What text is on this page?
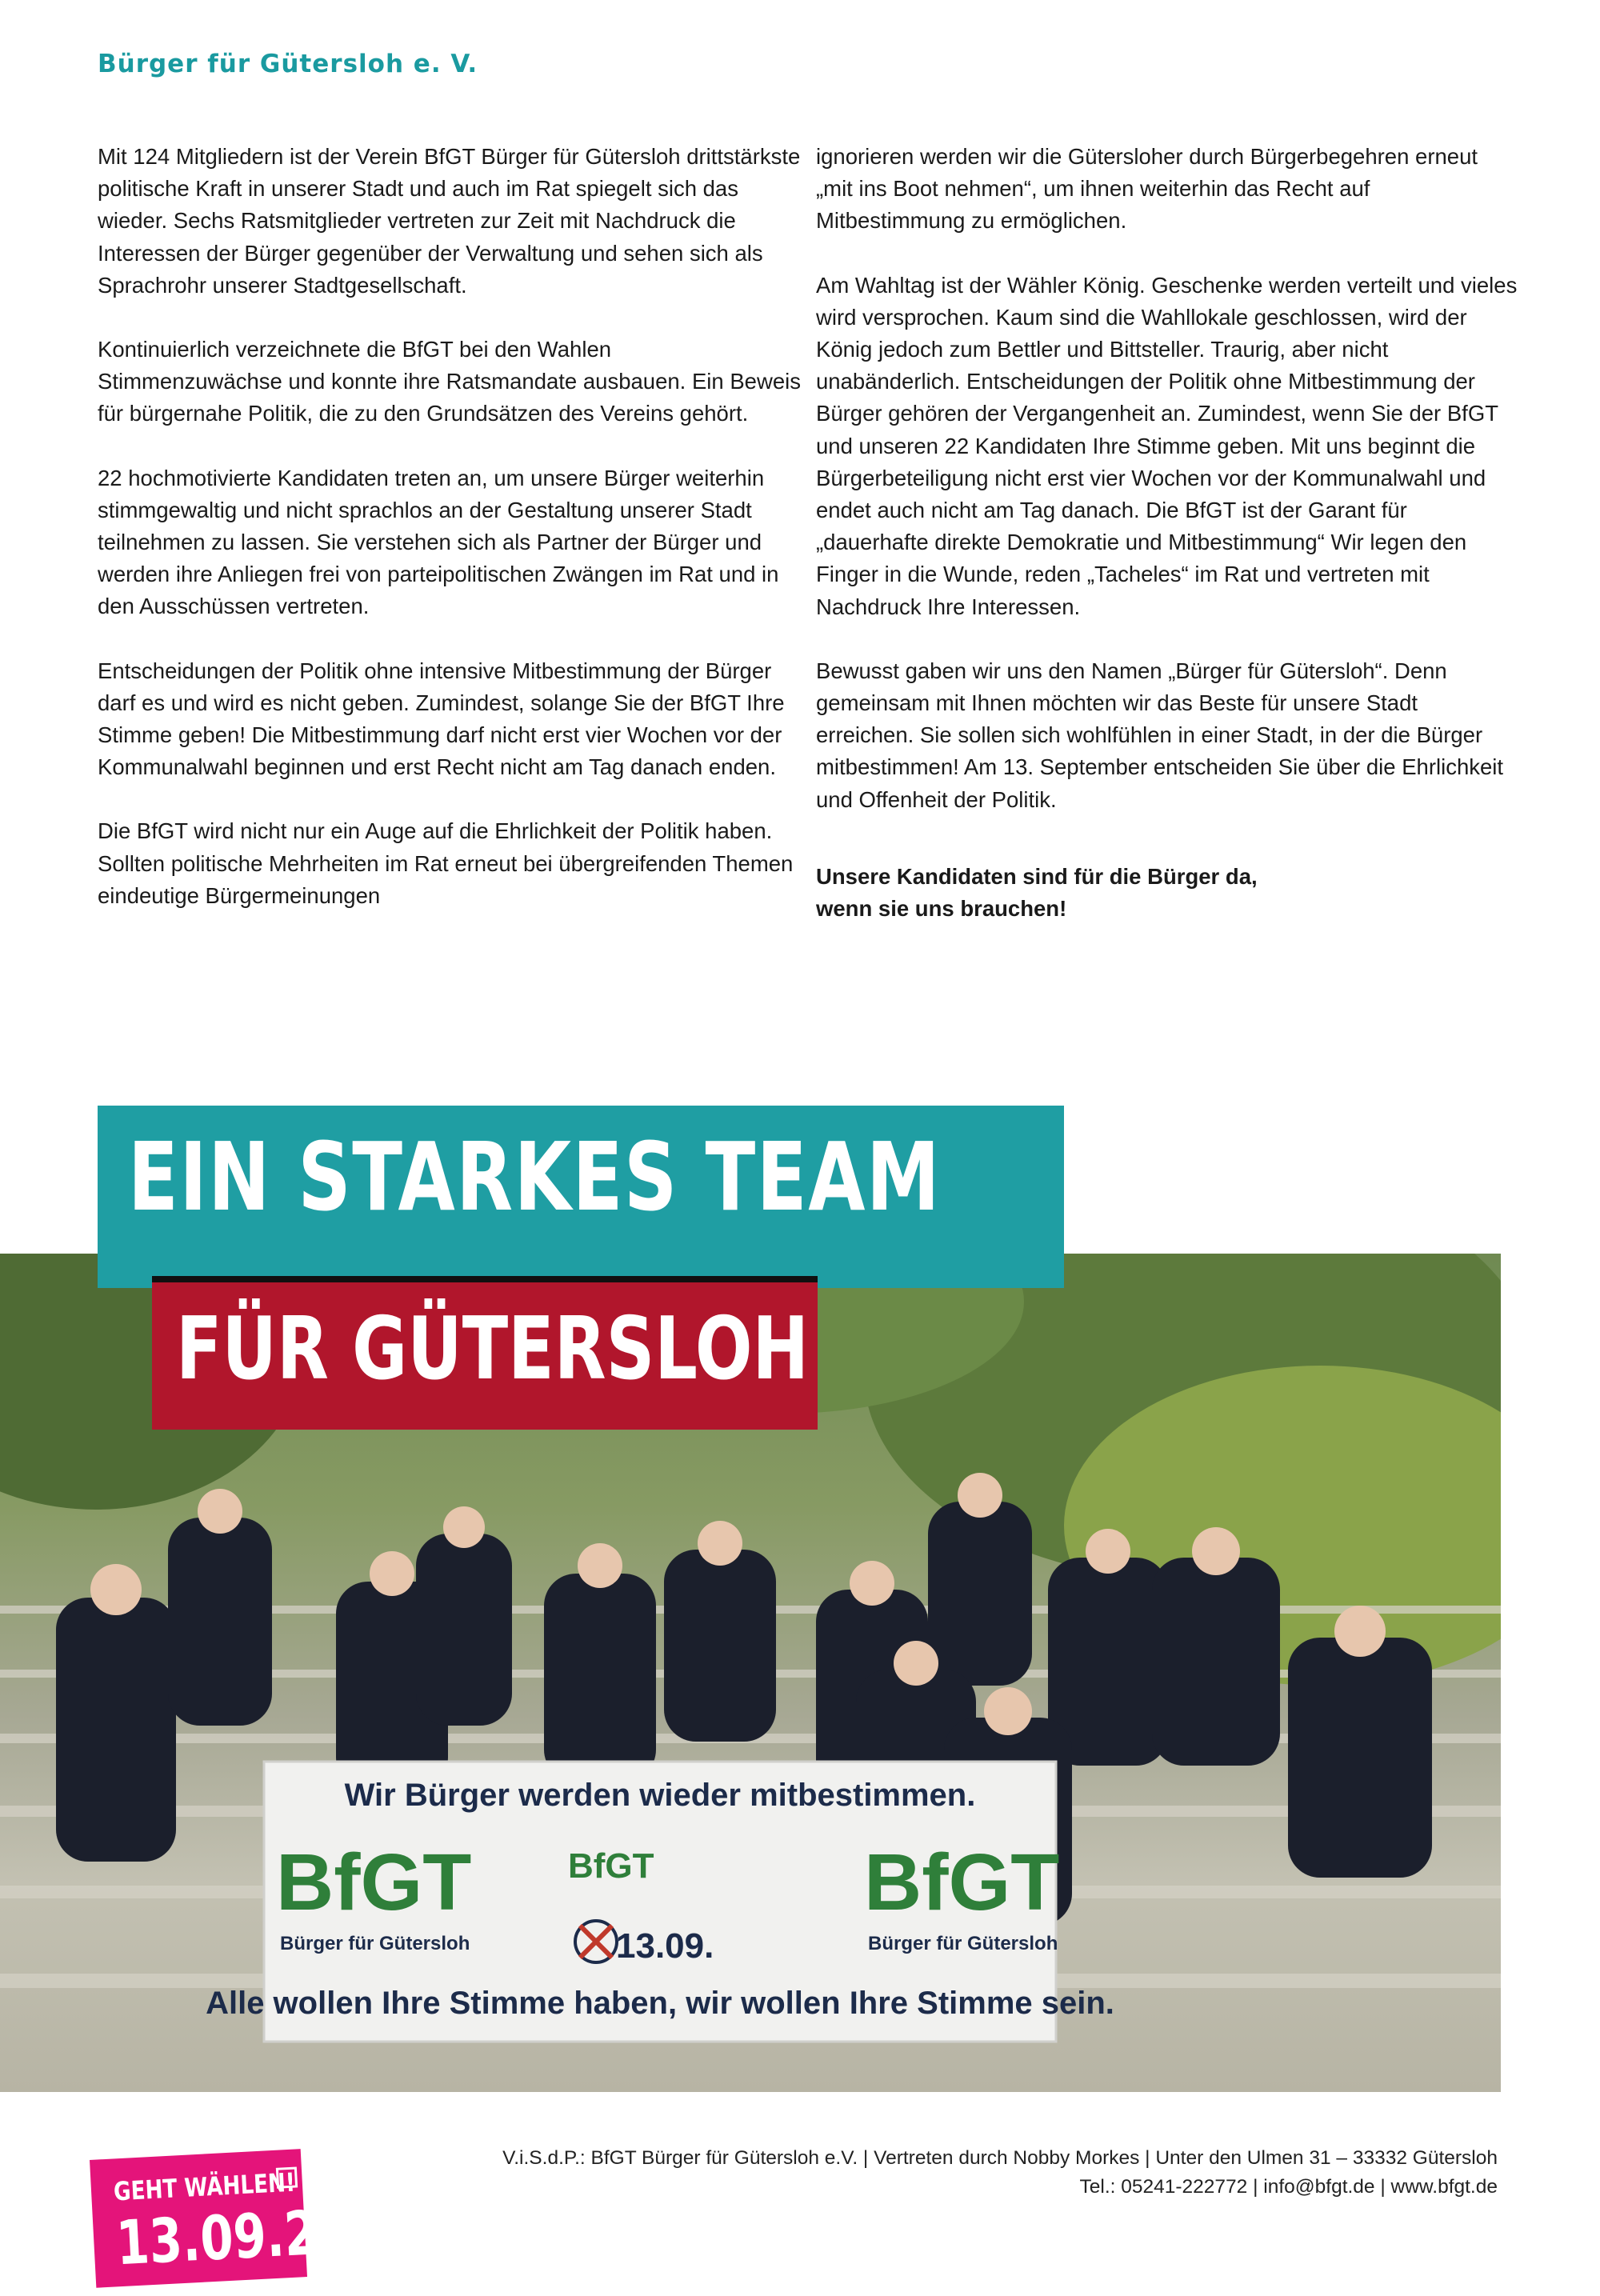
Bürger für Gütersloh e. V.

Mit 124 Mitgliedern ist der Verein BfGT Bürger für Gütersloh drittstärkste politische Kraft in unserer Stadt und auch im Rat spiegelt sich das wieder. Sechs Ratsmitglieder vertreten zur Zeit mit Nachdruck die Interessen der Bürger gegenüber der Verwaltung und sehen sich als Sprachrohr unserer Stadtgesellschaft.

Kontinuierlich verzeichnete die BfGT bei den Wahlen Stimmenzuwächse und konnte ihre Ratsmandate ausbauen. Ein Beweis für bürgernahe Politik, die zu den Grundsätzen des Vereins gehört.

22 hochmotivierte Kandidaten treten an, um unsere Bürger weiterhin stimmgewaltig und nicht sprachlos an der Gestaltung unserer Stadt teilnehmen zu lassen. Sie verstehen sich als Partner der Bürger und werden ihre Anliegen frei von parteipolitischen Zwängen im Rat und in den Ausschüssen vertreten.

Entscheidungen der Politik ohne intensive Mitbestimmung der Bürger darf es und wird es nicht geben. Zumindest, solange Sie der BfGT Ihre Stimme geben! Die Mitbestimmung darf nicht erst vier Wochen vor der Kommunalwahl beginnen und erst Recht nicht am Tag danach enden.

Die BfGT wird nicht nur ein Auge auf die Ehrlichkeit der Politik haben. Sollten politische Mehrheiten im Rat erneut bei übergreifenden Themen eindeutige Bürgermeinungen

ignorieren werden wir die Gütersloher durch Bürgerbegehren erneut „mit ins Boot nehmen“, um ihnen weiterhin das Recht auf Mitbestimmung zu ermöglichen.

Am Wahltag ist der Wähler König. Geschenke werden verteilt und vieles wird versprochen. Kaum sind die Wahllokale geschlossen, wird der König jedoch zum Bettler und Bittsteller. Traurig, aber nicht unabänderlich. Entscheidungen der Politik ohne Mitbestimmung der Bürger gehören der Vergangenheit an. Zumindest, wenn Sie der BfGT und unseren 22 Kandidaten Ihre Stimme geben. Mit uns beginnt die Bürgerbeteiligung nicht erst vier Wochen vor der Kommunalwahl und endet auch nicht am Tag danach. Die BfGT ist der Garant für „dauerhafte direkte Demokratie und Mitbestimmung“ Wir legen den Finger in die Wunde, reden „Tacheles“ im Rat und vertreten mit Nachdruck Ihre Interessen.

Bewusst gaben wir uns den Namen „Bürger für Gütersloh“. Denn gemeinsam mit Ihnen möchten wir das Beste für unsere Stadt erreichen. Sie sollen sich wohlfühlen in einer Stadt, in der die Bürger mitbestimmen! Am 13. September entscheiden Sie über die Ehrlichkeit und Offenheit der Politik.

Unsere Kandidaten sind für die Bürger da,

wenn sie uns brauchen!

Wir Bürger werden wieder mitbestimmen.
BfGT
Bürger für Gütersloh
BfGT
13.09.
BfGT
Bürger für Gütersloh
Alle wollen Ihre Stimme haben, wir wollen Ihre Stimme sein.
EIN STARKES TEAM
FÜR GÜTERSLOH
V.i.S.d.P.: BfGT Bürger für Gütersloh e.V. | Vertreten durch Nobby Morkes | Unter den Ulmen 31 – 33332 Gütersloh
Tel.: 05241-222772 | info@bfgt.de | www.bfgt.de
GEHT WÄHLEN!
13.09.20
